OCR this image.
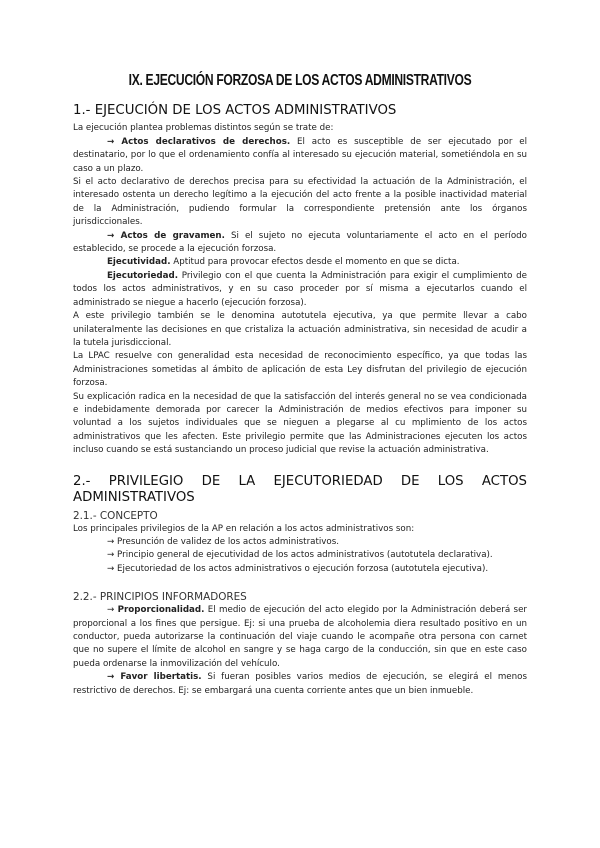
IX. EJECUCIÓN FORZOSA DE LOS ACTOS ADMINISTRATIVOS
1.- EJECUCIÓN DE LOS ACTOS ADMINISTRATIVOS

La ejecución plantea problemas distintos según se trate de:

→ Actos declarativos de derechos. El acto es susceptible de ser ejecutado por el destinatario, por lo que el ordenamiento confía al interesado su ejecución material, sometiéndola en su caso a un plazo.

Si el acto declarativo de derechos precisa para su efectividad la actuación de la Administración, el interesado ostenta un derecho legítimo a la ejecución del acto frente a la posible inactividad material de la Administración, pudiendo formular la correspondiente pretensión ante los órganos jurisdiccionales.

→ Actos de gravamen. Si el sujeto no ejecuta voluntariamente el acto en el período establecido, se procede a la ejecución forzosa.

Ejecutividad. Aptitud para provocar efectos desde el momento en que se dicta.

Ejecutoriedad. Privilegio con el que cuenta la Administración para exigir el cumplimiento de todos los actos administrativos, y en su caso proceder por sí misma a ejecutarlos cuando el administrado se niegue a hacerlo (ejecución forzosa).

A este privilegio también se le denomina autotutela ejecutiva, ya que permite llevar a cabo unilateralmente las decisiones en que cristaliza la actuación administrativa, sin necesidad de acudir a la tutela jurisdiccional.

La LPAC resuelve con generalidad esta necesidad de reconocimiento específico, ya que todas las Administraciones sometidas al ámbito de aplicación de esta Ley disfrutan del privilegio de ejecución forzosa.

Su explicación radica en la necesidad de que la satisfacción del interés general no se vea condicionada e indebidamente demorada por carecer la Administración de medios efectivos para imponer su voluntad a los sujetos individuales que se nieguen a plegarse al cu mplimiento de los actos administrativos que les afecten. Este privilegio permite que las Administraciones ejecuten los actos incluso cuando se está sustanciando un proceso judicial que revise la actuación administrativa.

2.- PRIVILEGIO DE LA EJECUTORIEDAD DE LOS ACTOS ADMINISTRATIVOS
2.1.- CONCEPTO

Los principales privilegios de la AP en relación a los actos administrativos son:

→ Presunción de validez de los actos administrativos.

→ Principio general de ejecutividad de los actos administrativos (autotutela declarativa).

→ Ejecutoriedad de los actos administrativos o ejecución forzosa (autotutela ejecutiva).

2.2.- PRINCIPIOS INFORMADORES

→ Proporcionalidad. El medio de ejecución del acto elegido por la Administración deberá ser proporcional a los fines que persigue. Ej: si una prueba de alcoholemia diera resultado positivo en un conductor, pueda autorizarse la continuación del viaje cuando le acompañe otra persona con carnet que no supere el límite de alcohol en sangre y se haga cargo de la conducción, sin que en este caso pueda ordenarse la inmovilización del vehículo.

→ Favor libertatis. Si fueran posibles varios medios de ejecución, se elegirá el menos restrictivo de derechos. Ej: se embargará una cuenta corriente antes que un bien inmueble.
